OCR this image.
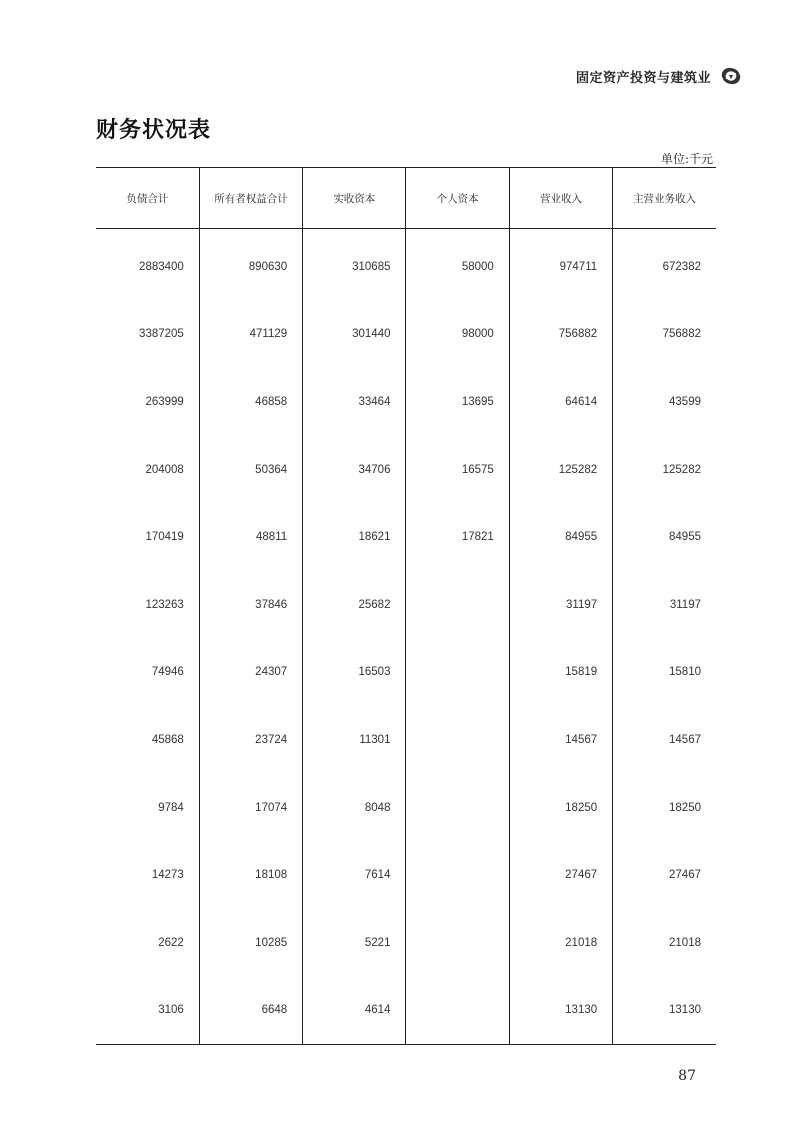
固定资产投资与建筑业
财务状况表
单位:千元
负债合计	所有者权益合计	实收资本	个人资本	营业收入	主营业务收入
2883400	890630	310685	58000	974711	672382
3387205	471129	301440	98000	756882	756882
263999	46858	33464	13695	64614	43599
204008	50364	34706	16575	125282	125282
170419	48811	18621	17821	84955	84955
123263	37846	25682		31197	31197
74946	24307	16503		15819	15810
45868	23724	11301		14567	14567
9784	17074	8048		18250	18250
14273	18108	7614		27467	27467
2622	10285	5221		21018	21018
3106	6648	4614		13130	13130
87
